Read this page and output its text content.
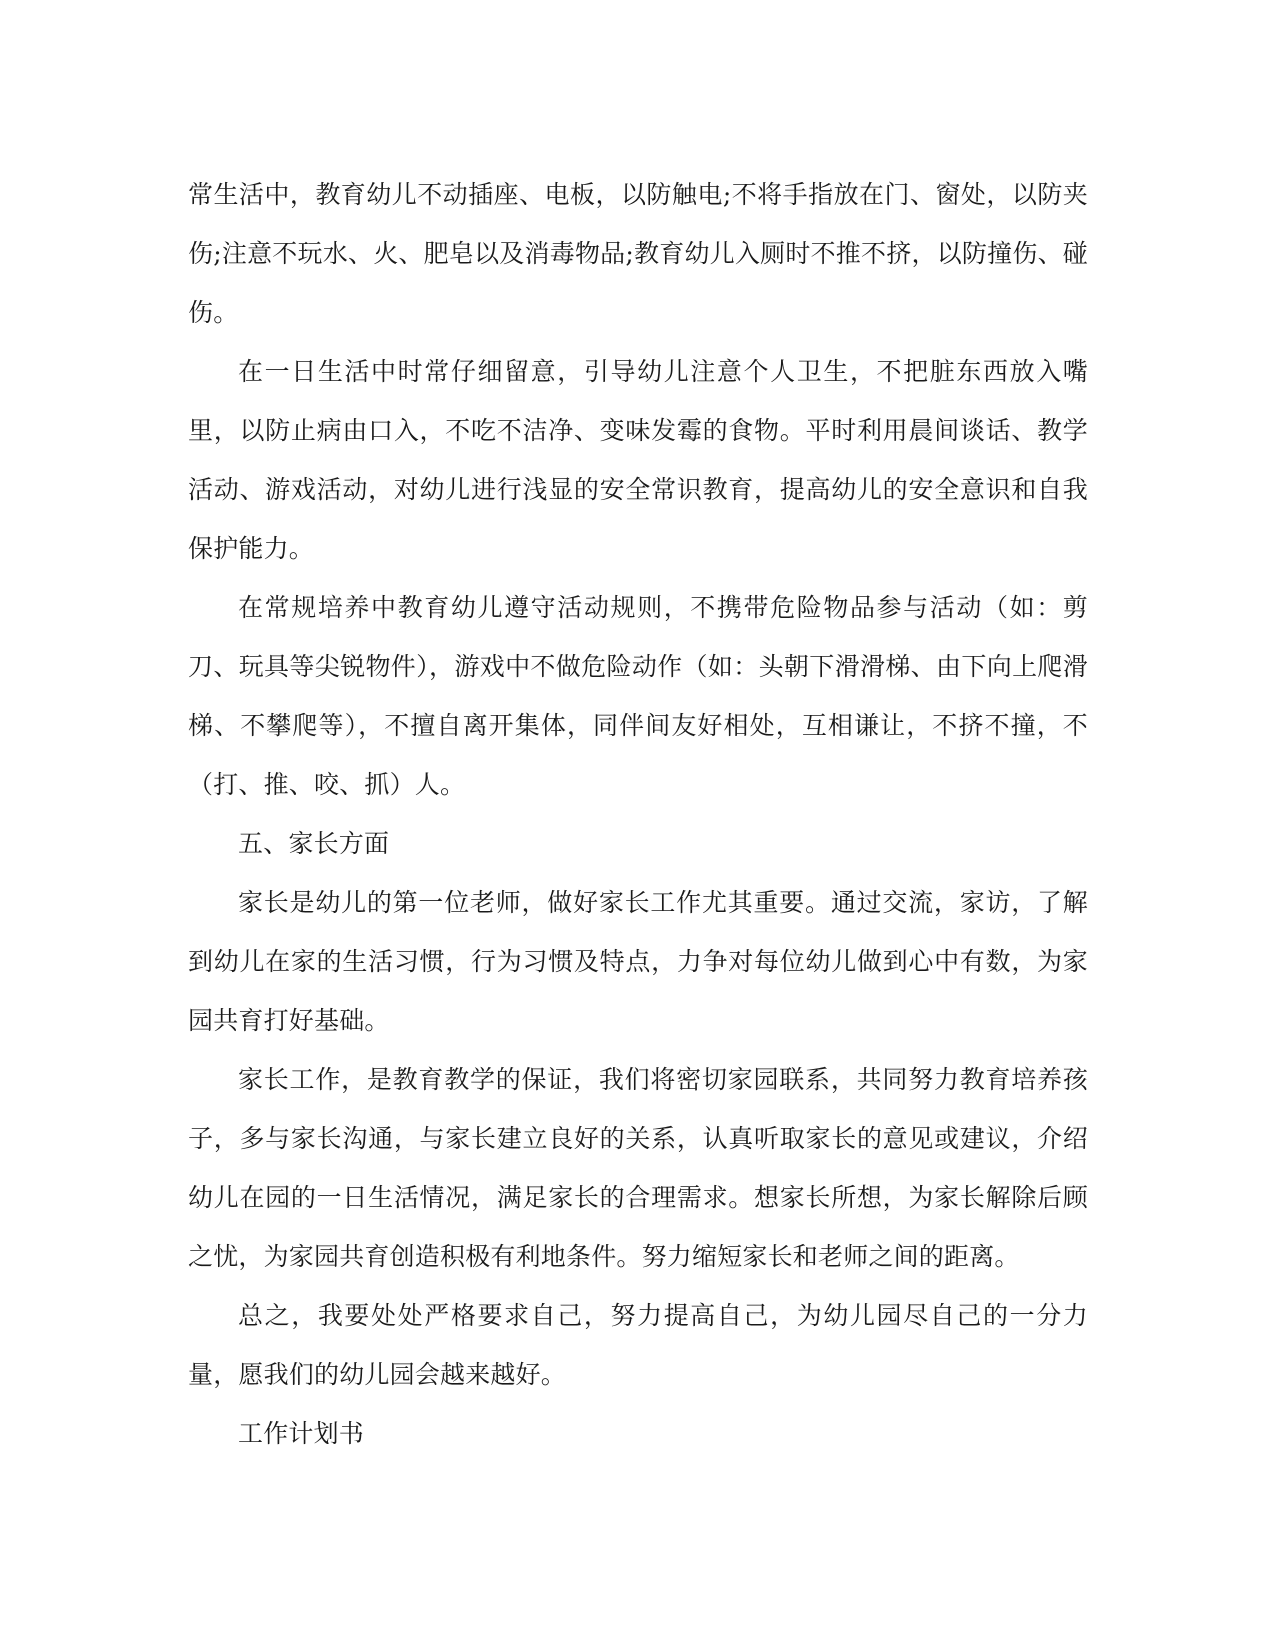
常生活中，教育幼儿不动插座、电板，以防触电;不将手指放在门、窗处，以防夹伤;注意不玩水、火、肥皂以及消毒物品;教育幼儿入厕时不推不挤，以防撞伤、碰伤。

在一日生活中时常仔细留意，引导幼儿注意个人卫生，不把脏东西放入嘴里，以防止病由口入，不吃不洁净、变味发霉的食物。平时利用晨间谈话、教学活动、游戏活动，对幼儿进行浅显的安全常识教育，提高幼儿的安全意识和自我保护能力。

在常规培养中教育幼儿遵守活动规则，不携带危险物品参与活动（如：剪刀、玩具等尖锐物件），游戏中不做危险动作（如：头朝下滑滑梯、由下向上爬滑梯、不攀爬等），不擅自离开集体，同伴间友好相处，互相谦让，不挤不撞，不（打、推、咬、抓）人。

五、家长方面

家长是幼儿的第一位老师，做好家长工作尤其重要。通过交流，家访，了解到幼儿在家的生活习惯，行为习惯及特点，力争对每位幼儿做到心中有数，为家园共育打好基础。

家长工作，是教育教学的保证，我们将密切家园联系，共同努力教育培养孩子，多与家长沟通，与家长建立良好的关系，认真听取家长的意见或建议，介绍幼儿在园的一日生活情况，满足家长的合理需求。想家长所想，为家长解除后顾之忧，为家园共育创造积极有利地条件。努力缩短家长和老师之间的距离。

总之，我要处处严格要求自己，努力提高自己，为幼儿园尽自己的一分力量，愿我们的幼儿园会越来越好。

工作计划书
